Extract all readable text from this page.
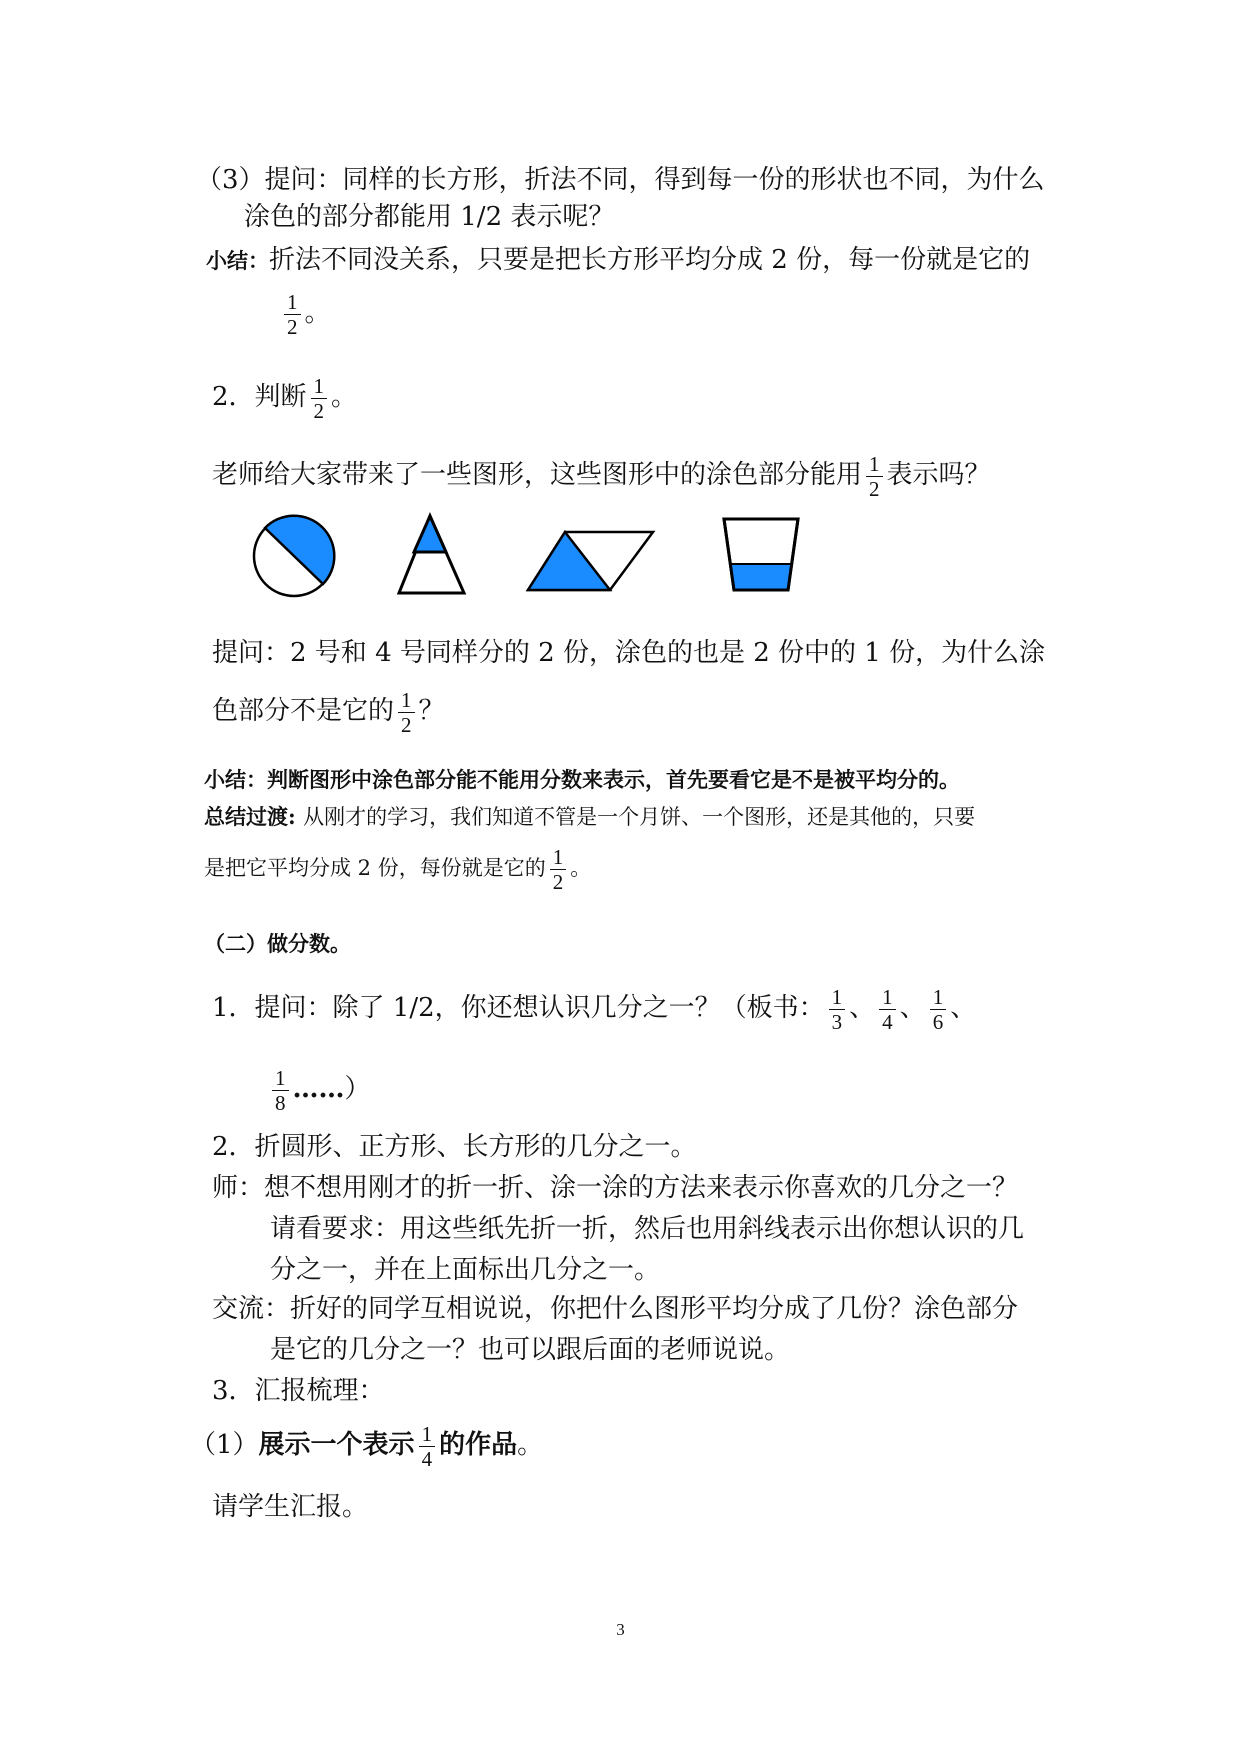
（3）提问：同样的长方形，折法不同，得到每一份的形状也不同，为什么
涂色的部分都能用 1/2 表示呢？
小结：折法不同没关系，只要是把长方形平均分成 2 份，每一份就是它的
$\frac{1}{2}$ 。
2．判断 $\frac{1}{2}$ 。
老师给大家带来了一些图形，这些图形中的涂色部分能用 $\frac{1}{2}$ 表示吗？
提问：2 号和 4 号同样分的 2 份，涂色的也是 2 份中的 1 份，为什么涂
色部分不是它的 $\frac{1}{2}$ ？
小结：判断图形中涂色部分能不能用分数来表示，首先要看它是不是被平均分的。
总结过渡: 从刚才的学习，我们知道不管是一个月饼、一个图形，还是其他的，只要
是把它平均分成 2 份，每份就是它的 $\frac{1}{2}$ 。
（二）做分数。
1．提问：除了 1/2，你还想认识几分之一？（板书： $\frac{1}{3}$ 、 $\frac{1}{4}$ 、 $\frac{1}{6}$ 、
$\frac{1}{8}$ ……）
2．折圆形、正方形、长方形的几分之一。
师：想不想用刚才的折一折、涂一涂的方法来表示你喜欢的几分之一？
请看要求：用这些纸先折一折，然后也用斜线表示出你想认识的几
分之一，并在上面标出几分之一。
交流：折好的同学互相说说，你把什么图形平均分成了几份？涂色部分
是它的几分之一？也可以跟后面的老师说说。
3．汇报梳理：
（1）展示一个表示 $\frac{1}{4}$ 的作品。
请学生汇报。
3
